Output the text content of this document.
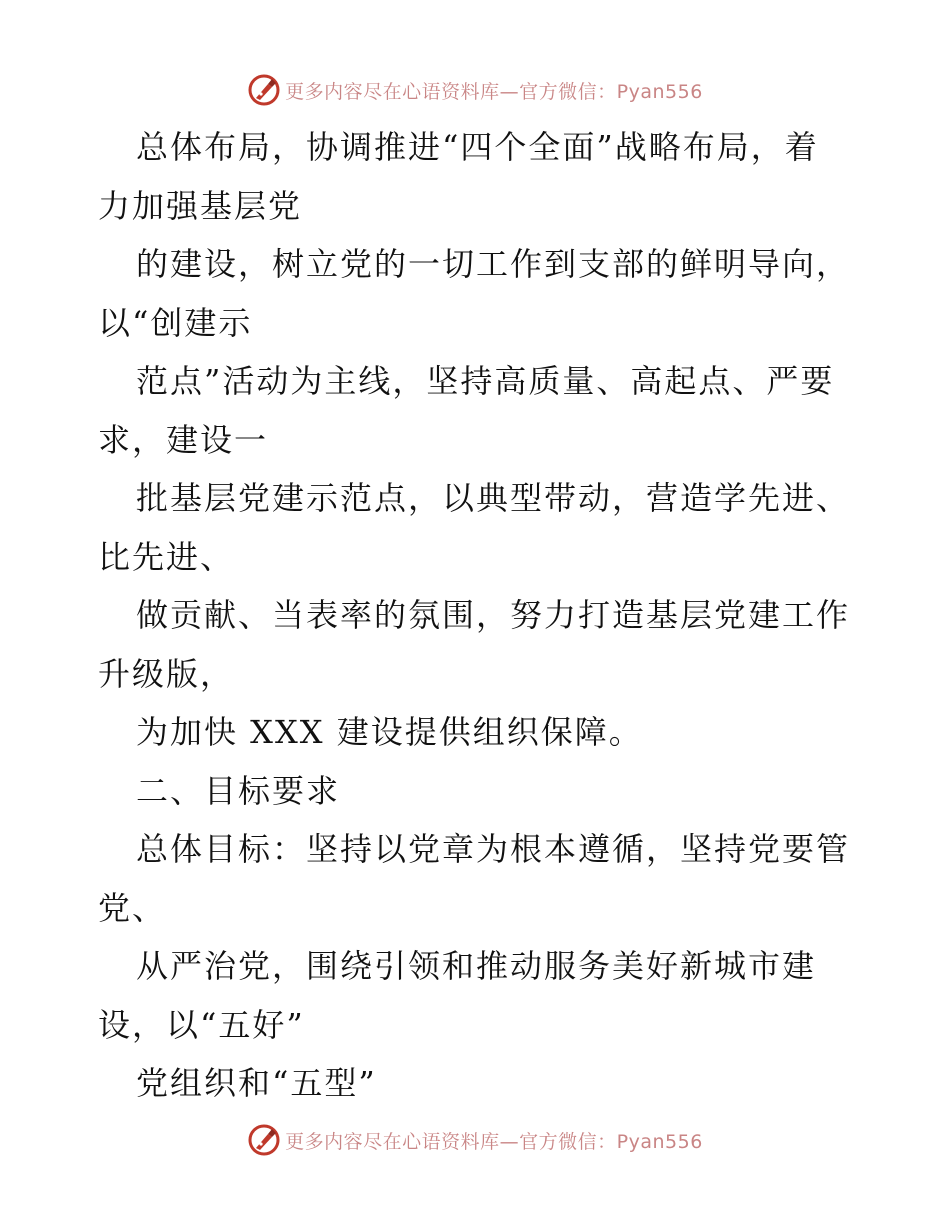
更多内容尽在心语资料库—官方微信：Pyan556
总体布局，协调推进“四个全面”战略布局，着
力加强基层党
的建设，树立党的一切工作到支部的鲜明导向，
以“创建示
范点”活动为主线，坚持高质量、高起点、严要
求，建设一
批基层党建示范点，以典型带动，营造学先进、
比先进、
做贡献、当表率的氛围，努力打造基层党建工作
升级版，
为加快 XXX 建设提供组织保障。
二、目标要求
总体目标：坚持以党章为根本遵循，坚持党要管
党、
从严治党，围绕引领和推动服务美好新城市建
设，以“五好”
党组织和“五型”
更多内容尽在心语资料库—官方微信：Pyan556
